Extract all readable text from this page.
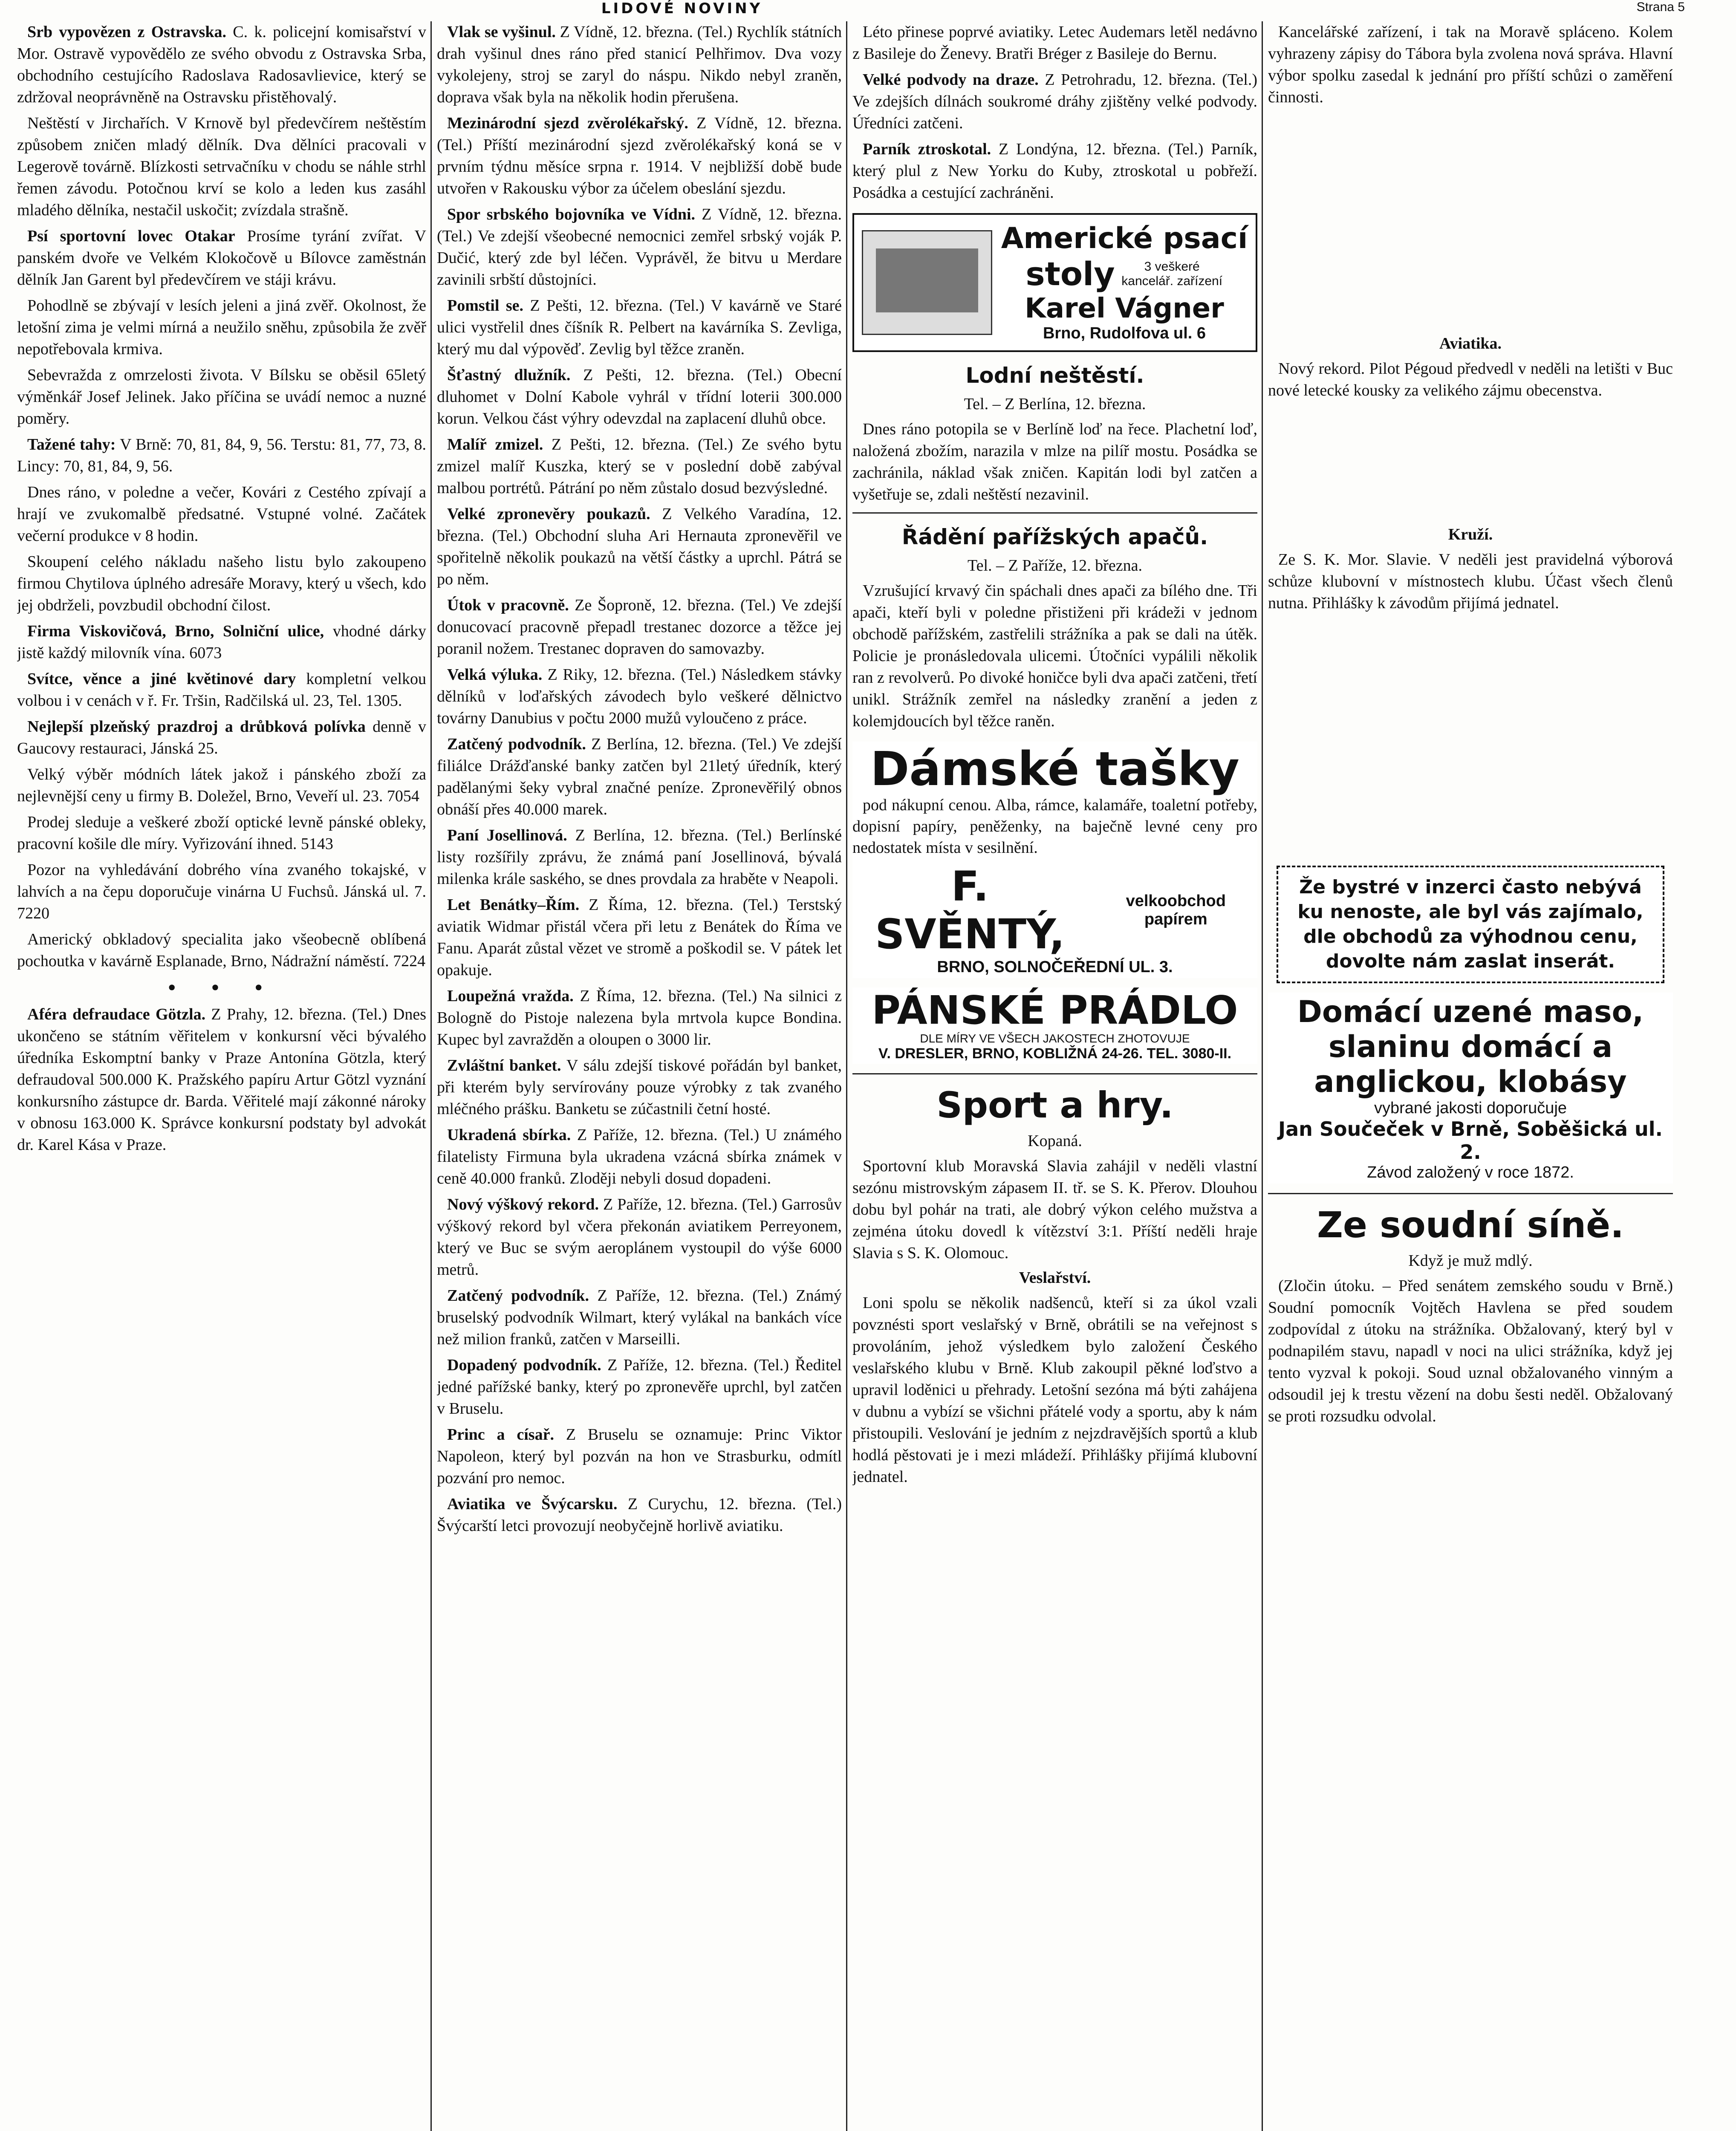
LIDOVÉ NOVINY	Strana 5

Srb vypovězen z Ostravska. C. k. policejní komisařství v Mor. Ostravě vypovědělo ze svého obvodu z Ostravska Srba, obchodního cestujícího Radoslava Radosavlievice, který se zdržoval neoprávněně na Ostravsku přistěhovalý.

Neštěstí v Jirchařích. V Krnově byl předevčírem neštěstím způsobem zničen mladý dělník. Dva dělníci pracovali v Legerově továrně. Blízkosti setrvačníku v chodu se náhle strhl řemen závodu. Potočnou krví se kolo a leden kus zasáhl mladého dělníka, nestačil uskočit; zvízdala strašně.

Psí sportovní lovec Otakar Prosíme tyrání zvířat. V panském dvoře ve Velkém Klokočově u Bílovce zaměstnán dělník Jan Garent byl předevčírem ve stáji krávu.

Pohodlně se zbývají v lesích jeleni a jiná zvěř. Okolnost, že letošní zima je velmi mírná a neužilo sněhu, způsobila že zvěř nepotřebovala krmiva.

Sebevražda z omrzelosti života. V Bílsku se oběsil 65letý výměnkář Josef Jelinek. Jako příčina se uvádí nemoc a nuzné poměry.

Tažené tahy: V Brně: 70, 81, 84, 9, 56. Terstu: 81, 77, 73, 8. Lincy: 70, 81, 84, 9, 56.

Dnes ráno, v poledne a večer, Kovári z Cestého zpívají a hrají ve zvukomalbě předsatné. Vstupné volné. Začátek večerní produkce v 8 hodin.

Skoupení celého nákladu našeho listu bylo zakoupeno firmou Chytilova úplného adresáře Moravy, který u všech, kdo jej obdrželi, povzbudil obchodní čilost.

Firma Viskovičová, Brno, Solniční ulice, vhodné dárky jistě každý milovník vína. 6073

Svítce, věnce a jiné květinové dary kompletní velkou volbou i v cenách v ř. Fr. Tršin, Radčilská ul. 23, Tel. 1305.

Nejlepší plzeňský prazdroj a drůbková polívka denně v Gaucovy restauraci, Jánská 25.

Velký výběr módních látek jakož i pánského zboží za nejlevnější ceny u firmy B. Doležel, Brno, Veveří ul. 23. 7054

Prodej sleduje a veškeré zboží optické levně pánské obleky, pracovní košile dle míry. Vyřizování ihned. 5143

Pozor na vyhledávání dobrého vína zvaného tokajské, v lahvích a na čepu doporučuje vinárna U Fuchsů. Jánská ul. 7. 7220

Americký obkladový specialita jako všeobecně oblíbená pochoutka v kavárně Esplanade, Brno, Nádražní náměstí. 7224

• • •

Aféra defraudace Götzla. Z Prahy, 12. března. (Tel.) Dnes ukončeno se státním věřitelem v konkursní věci bývalého úředníka Eskomptní banky v Praze Antonína Götzla, který defraudoval 500.000 K. Pražského papíru Artur Götzl vyznání konkursního zástupce dr. Barda. Věřitelé mají zákonné nároky v obnosu 163.000 K. Správce konkursní podstaty byl advokát dr. Karel Kása v Praze.

Vlak se vyšinul. Z Vídně, 12. března. (Tel.) Rychlík státních drah vyšinul dnes ráno před stanicí Pelhřimov. Dva vozy vykolejeny, stroj se zaryl do náspu. Nikdo nebyl zraněn, doprava však byla na několik hodin přerušena.

Mezinárodní sjezd zvěrolékařský. Z Vídně, 12. března. (Tel.) Příští mezinárodní sjezd zvěrolékařský koná se v prvním týdnu měsíce srpna r. 1914. V nejbližší době bude utvořen v Rakousku výbor za účelem obeslání sjezdu.

Spor srbského bojovníka ve Vídni. Z Vídně, 12. března. (Tel.) Ve zdejší všeobecné nemocnici zemřel srbský voják P. Dučić, který zde byl léčen. Vyprávěl, že bitvu u Merdare zavinili srbští důstojníci.

Pomstil se. Z Pešti, 12. března. (Tel.) V kavárně ve Staré ulici vystřelil dnes číšník R. Pelbert na kavárníka S. Zevliga, který mu dal výpověď. Zevlig byl těžce zraněn.

Šťastný dlužník. Z Pešti, 12. března. (Tel.) Obecní dluhomet v Dolní Kabole vyhrál v třídní loterii 300.000 korun. Velkou část výhry odevzdal na zaplacení dluhů obce.

Malíř zmizel. Z Pešti, 12. března. (Tel.) Ze svého bytu zmizel malíř Kuszka, který se v poslední době zabýval malbou portrétů. Pátrání po něm zůstalo dosud bezvýsledné.

Velké zpronevěry poukazů. Z Velkého Varadína, 12. března. (Tel.) Obchodní sluha Ari Hernauta zpronevěřil ve spořitelně několik poukazů na větší částky a uprchl. Pátrá se po něm.

Útok v pracovně. Ze Šoproně, 12. března. (Tel.) Ve zdejší donucovací pracovně přepadl trestanec dozorce a těžce jej poranil nožem. Trestanec dopraven do samovazby.

Velká výluka. Z Riky, 12. března. (Tel.) Následkem stávky dělníků v loďařských závodech bylo veškeré dělnictvo továrny Danubius v počtu 2000 mužů vyloučeno z práce.

Zatčený podvodník. Z Berlína, 12. března. (Tel.) Ve zdejší filiálce Drážďanské banky zatčen byl 21letý úředník, který padělanými šeky vybral značné peníze. Zpronevěřilý obnos obnáší přes 40.000 marek.

Paní Josellinová. Z Berlína, 12. března. (Tel.) Berlínské listy rozšířily zprávu, že známá paní Josellinová, bývalá milenka krále saského, se dnes provdala za hraběte v Neapoli.

Let Benátky–Řím. Z Říma, 12. března. (Tel.) Terstský aviatik Widmar přistál včera při letu z Benátek do Říma ve Fanu. Aparát zůstal vězet ve stromě a poškodil se. V pátek let opakuje.

Loupežná vražda. Z Říma, 12. března. (Tel.) Na silnici z Bologně do Pistoje nalezena byla mrtvola kupce Bondina. Kupec byl zavražděn a oloupen o 3000 lir.

Zvláštní banket. V sálu zdejší tiskové pořádán byl banket, při kterém byly servírovány pouze výrobky z tak zvaného mléčného prášku. Banketu se zúčastnili četní hosté.

Ukradená sbírka. Z Paříže, 12. března. (Tel.) U známého filatelisty Firmuna byla ukradena vzácná sbírka známek v ceně 40.000 franků. Zloději nebyli dosud dopadeni.

Nový výškový rekord. Z Paříže, 12. března. (Tel.) Garrosův výškový rekord byl včera překonán aviatikem Perreyonem, který ve Buc se svým aeroplánem vystoupil do výše 6000 metrů.

Zatčený podvodník. Z Paříže, 12. března. (Tel.) Známý bruselský podvodník Wilmart, který vylákal na bankách více než milion franků, zatčen v Marseilli.

Dopadený podvodník. Z Paříže, 12. března. (Tel.) Ředitel jedné pařížské banky, který po zpronevěře uprchl, byl zatčen v Bruselu.

Princ a císař. Z Bruselu se oznamuje: Princ Viktor Napoleon, který byl pozván na hon ve Strasburku, odmítl pozvání pro nemoc.

Aviatika ve Švýcarsku. Z Curychu, 12. března. (Tel.) Švýcarští letci provozují neobyčejně horlivě aviatiku.

Léto přinese poprvé aviatiky. Letec Audemars letěl nedávno z Basileje do Ženevy. Bratři Bréger z Basileje do Bernu.

Velké podvody na draze. Z Petrohradu, 12. března. (Tel.) Ve zdejších dílnách soukromé dráhy zjištěny velké podvody. Úředníci zatčeni.

Parník ztroskotal. Z Londýna, 12. března. (Tel.) Parník, který plul z New Yorku do Kuby, ztroskotal u pobřeží. Posádka a cestující zachráněni.

Americké psací
stoly	3 veškeré kancelář. zařízení
Karel Vágner
Brno, Rudolfova ul. 6
Lodní neštěstí.
Tel. – Z Berlína, 12. března.

Dnes ráno potopila se v Berlíně loď na řece. Plachetní loď, naložená zbožím, narazila v mlze na pilíř mostu. Posádka se zachránila, náklad však zničen. Kapitán lodi byl zatčen a vyšetřuje se, zdali neštěstí nezavinil.

Řádění pařížských apačů.
Tel. – Z Paříže, 12. března.

Vzrušující krvavý čin spáchali dnes apači za bílého dne. Tři apači, kteří byli v poledne přistiženi při krádeži v jednom obchodě pařížském, zastřelili strážníka a pak se dali na útěk. Policie je pronásledovala ulicemi. Útočníci vypálili několik ran z revolverů. Po divoké honičce byli dva apači zatčeni, třetí unikl. Strážník zemřel na následky zranění a jeden z kolemjdoucích byl těžce raněn.

Dámské tašky

pod nákupní cenou. Alba, rámce, kalamáře, toaletní potřeby, dopisní papíry, peněženky, na baječně levné ceny pro nedostatek místa v sesilnění.

F. SVĚNTÝ,
velkoobchod papírem
BRNO, SOLNOČEŘEDNÍ UL. 3.
PÁNSKÉ PRÁDLO
DLE MÍRY VE VŠECH JAKOSTECH ZHOTOVUJE
V. DRESLER, BRNO, KOBLIŽNÁ 24-26. TEL. 3080-II.
Sport a hry.
Kopaná.

Sportovní klub Moravská Slavia zahájil v neděli vlastní sezónu mistrovským zápasem II. tř. se S. K. Přerov. Dlouhou dobu byl pohár na trati, ale dobrý výkon celého mužstva a zejména útoku dovedl k vítězství 3:1. Příští neděli hraje Slavia s S. K. Olomouc.

Veslařství.

Loni spolu se několik nadšenců, kteří si za úkol vzali povznésti sport veslařský v Brně, obrátili se na veřejnost s provoláním, jehož výsledkem bylo založení Českého veslařského klubu v Brně. Klub zakoupil pěkné loďstvo a upravil loděnici u přehrady. Letošní sezóna má býti zahájena v dubnu a vybízí se všichni přátelé vody a sportu, aby k nám přistoupili. Veslování je jedním z nejzdravějších sportů a klub hodlá pěstovati je i mezi mládeží. Přihlášky přijímá klubovní jednatel.

Kancelářské zařízení, i tak na Moravě spláceno. Kolem vyhrazeny zápisy do Tábora byla zvolena nová správa. Hlavní výbor spolku zasedal k jednání pro příští schůzi o zaměření činnosti.

Aviatika.

Nový rekord. Pilot Pégoud předvedl v neděli na letišti v Buc nové letecké kousky za velikého zájmu obecenstva.

Kruží.

Ze S. K. Mor. Slavie. V neděli jest pravidelná výborová schůze klubovní v místnostech klubu. Účast všech členů nutna. Přihlášky k závodům přijímá jednatel.

Že bystré v inzerci často nebývá ku nenoste, ale byl vás zajímalo, dle obchodů za výhodnou cenu, dovolte nám zaslat inserát.
Domácí uzené maso, slaninu domácí a anglickou, klobásy
vybrané jakosti doporučuje
Jan Součeček v Brně, Soběšická ul. 2.
Závod založený v roce 1872.
Ze soudní síně.
Když je muž mdlý.

(Zločin útoku. – Před senátem zemského soudu v Brně.) Soudní pomocník Vojtěch Havlena se před soudem zodpovídal z útoku na strážníka. Obžalovaný, který byl v podnapilém stavu, napadl v noci na ulici strážníka, když jej tento vyzval k pokoji. Soud uznal obžalovaného vinným a odsoudil jej k trestu vězení na dobu šesti neděl. Obžalovaný se proti rozsudku odvolal.
